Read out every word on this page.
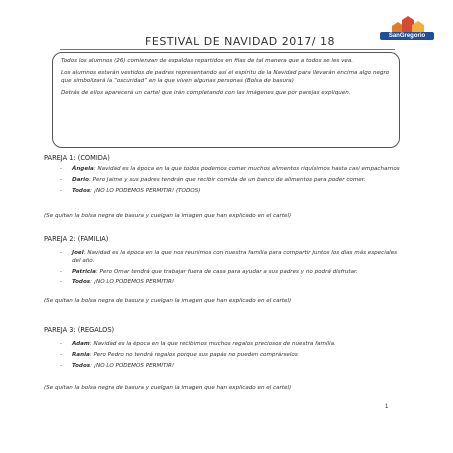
SanGregorio
FESTIVAL DE NAVIDAD 2017/ 18

Todos los alumnos (26) comienzan de espaldas repartidos en filas de tal manera que a todos se les vea.

Los alumnos estarán vestidos de padres representando así el espíritu de la Navidad para llevarán encima algo negro que simbolizará la “oscuridad” en la que viven algunas personas (Bolsa de basura)

Detrás de ellos aparecerá un cartel que irán completando con las imágenes que por parejas expliquen.

PAREJA 1: (COMIDA)
- Ángela: Navidad es la época en la que todos podemos comer muchos alimentos riquísimos hasta casi empacharnos
- Dario: Pero Jaime y sus padres tendrán que recibir comida de un banco de alimentos para poder comer.
- Todos: ¡NO LO PODEMOS PERMITIR! (TODOS)
(Se quitan la bolsa negra de basura y cuelgan la imagen que han explicado en el cartel)
PAREJA 2: (FAMILIA)
- Joel: Navidad es la época en la que nos reunimos con nuestra familia para compartir juntos los días más especiales del año.
- Patricia: Pero Omar tendrá que trabajar fuera de casa para ayudar a sus padres y no podrá disfrutar.
- Todos: ¡NO LO PODEMOS PERMITIR!
(Se quitan la bolsa negra de basura y cuelgan la imagen que han explicado en el cartel)
PAREJA 3: (REGALOS)
- Adam: Navidad es la época en la que recibimos muchos regalos preciosos de nuestra familia.
- Rania: Pero Pedro no tendrá regalos porque sus papás no pueden comprárselos
- Todos: ¡NO LO PODEMOS PERMITIR!
(Se quitan la bolsa negra de basura y cuelgan la imagen que han explicado en el cartel)
1
